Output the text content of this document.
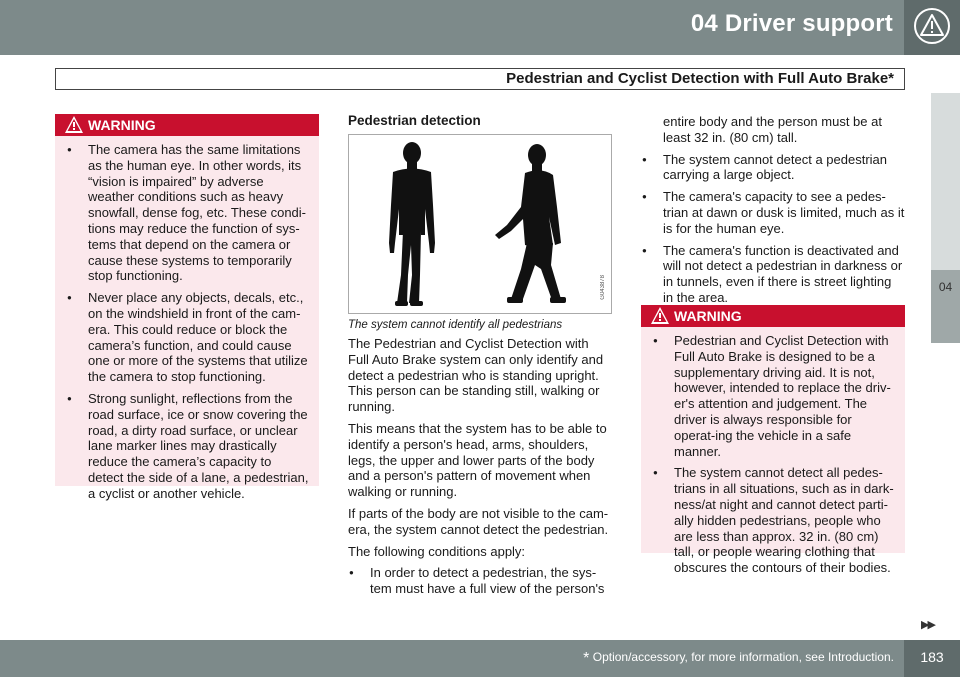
04 Driver support
Pedestrian and Cyclist Detection with Full Auto Brake*
04
WARNING
● The camera has the same limitations as the human eye. In other words, its “vision is impaired” by adverse weather conditions such as heavy snowfall, dense fog, etc. These condi-tions may reduce the function of sys-tems that depend on the camera or cause these systems to temporarily stop functioning.
● Never place any objects, decals, etc., on the windshield in front of the cam-era. This could reduce or block the camera’s function, and could cause one or more of the systems that utilize the camera to stop functioning.
● Strong sunlight, reflections from the road surface, ice or snow covering the road, a dirty road surface, or unclear lane marker lines may drastically reduce the camera’s capacity to detect the side of a lane, a pedestrian, a cyclist or another vehicle.
Pedestrian detection
G043878
The system cannot identify all pedestrians

The Pedestrian and Cyclist Detection with Full Auto Brake system can only identify and detect a pedestrian who is standing upright. This person can be standing still, walking or running.

This means that the system has to be able to identify a person's head, arms, shoulders, legs, the upper and lower parts of the body and a person's pattern of movement when walking or running.

If parts of the body are not visible to the cam-era, the system cannot detect the pedestrian.

The following conditions apply:

● In order to detect a pedestrian, the sys-tem must have a full view of the person's
entire body and the person must be at least 32 in. (80 cm) tall.
● The system cannot detect a pedestrian carrying a large object.
● The camera's capacity to see a pedes-trian at dawn or dusk is limited, much as it is for the human eye.
● The camera's function is deactivated and will not detect a pedestrian in darkness or in tunnels, even if there is street lighting in the area.
WARNING
● Pedestrian and Cyclist Detection with Full Auto Brake is designed to be a supplementary driving aid. It is not, however, intended to replace the driv-er's attention and judgement. The driver is always responsible for operat-ing the vehicle in a safe manner.
● The system cannot detect all pedes-trians in all situations, such as in dark-ness/at night and cannot detect parti-ally hidden pedestrians, people who are less than approx. 32 in. (80 cm) tall, or people wearing clothing that obscures the contours of their bodies.
▶▶
* Option/accessory, for more information, see Introduction.	183
